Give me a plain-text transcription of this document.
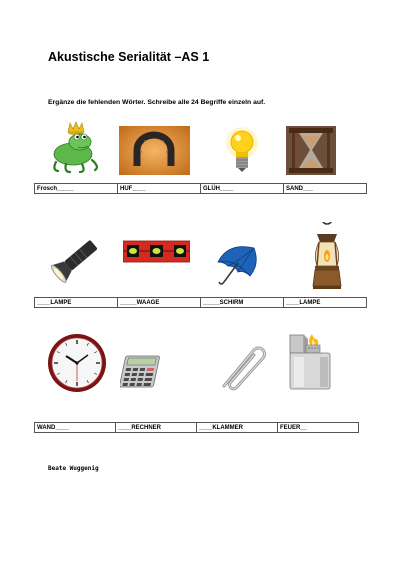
Akustische Serialität –AS 1
Ergänze die fehlenden Wörter. Schreibe alle 24 Begriffe einzeln auf.
Frosch_____	HUF____	GLÜH____	SAND___
____LAMPE	_____WAAGE	_____SCHIRM	____LAMPE
WAND____	____RECHNER	____KLAMMER	FEUER__
Beate Wuggenig
